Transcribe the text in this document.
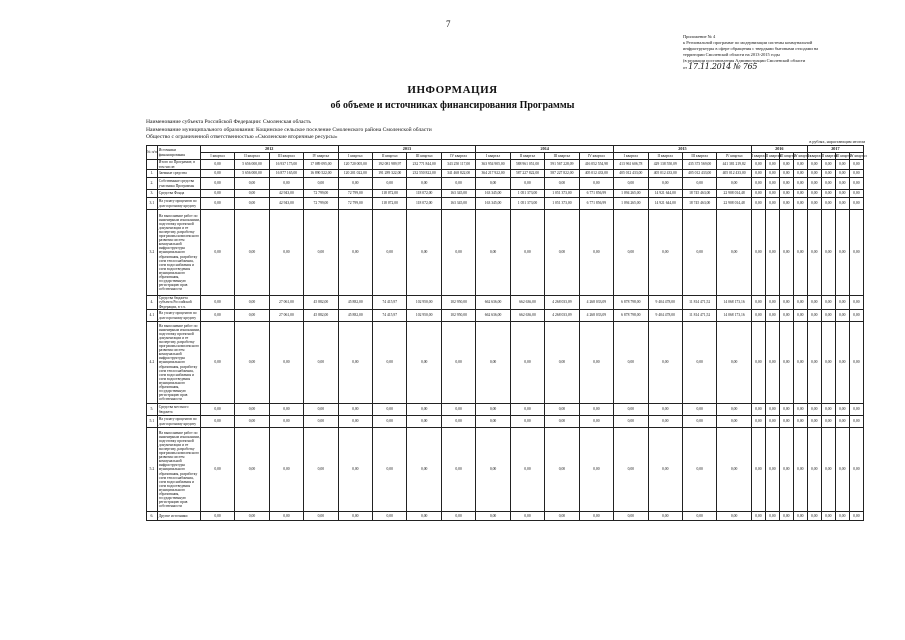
7
Приложение № 4
к Региональной программе по модернизации системы коммунальной
инфраструктуры в сфере обращения с твердыми бытовыми отходами на
территории Смоленской области на 2013-2015 годы
(в редакции постановления Администрации Смоленской области
от 17.11.2014 № 765
ИНФОРМАЦИЯ
об объеме и источниках финансирования Программы
Наименование субъекта Российской Федерации: Смоленская область
Наименование муниципального образования: Кощинское сельское поселение Смоленского района Смоленской области
Общество с ограниченной ответственностью «Смоленские вторичные ресурсы»
в рублях, нарастающим итогом
№ п/п	Источники финансирования	2012				2013				2014				2015				2016				2017			
		I квартал	II квартал	III квартал	IV квартал	I квартал	II квартал	III квартал	IV квартал	I квартал	II квартал	III квартал	IV квартал	I квартал	II квартал	III квартал	IV квартал	I квартал	II квартал	III квартал	IV квартал	I квартал	II квартал	III квартал	IV квартал
	Итого по Программе, в том числе:	0,00	5 656 000,00	16 937 175,00	17 089 095,00	120 720 005,00	192 081 989,97	232 771 844,00	343 250 117,00	363 954 905,00	588 961 051,00	591 567 228,09	416 052 554,98	413 961 606,78	429 138 550,09	435 373 569,00	441 381 219,82	0,00	0,00	0,00	0,00	0,00	0,00	0,00	0,00
1.	Заемные средства	0,00	5 656 000,00	16 877 165,00	16 890 522,00	120 201 022,00	191 289 322,00	232 550 822,00	341 468 822,00	364 217 922,00	587 227 822,00	587 227 822,00	405 012 433,00	405 012 433,00	405 012 433,00	405 012 433,00	405 012 433,00	0,00	0,00	0,00	0,00	0,00	0,00	0,00	0,00
2.	Собственные средства участника Программы	0,00	0,00	0,00	0,00	0,00	0,00	0,00	0,00	0,00	0,00	0,00	0,00	0,00	0,00	0,00	0,00	0,00	0,00	0,00	0,00	0,00	0,00	0,00	0,00
3.	Средства Фонда	0,00	0,00	42 943,00	72 799,00	72 799,00	118 072,00	118 072,00	163 345,00	163 345,00	1 051 373,00	1 051 373,00	6 771 856,99	1 094 265,00	14 921 644,00	18 745 463,00	22 908 014,48	0,00	0,00	0,00	0,00	0,00	0,00	0,00	0,00
3.1	На уплату процентов по долгосрочному кредиту	0,00	0,00	42 943,00	72 799,00	72 799,00	118 072,00	118 072,00	163 345,00	163 345,00	1 051 373,00	1 051 373,00	6 771 856,99	1 094 265,00	14 921 644,00	18 745 463,00	22 908 014,48	0,00	0,00	0,00	0,00	0,00	0,00	0,00	0,00
3.2	На выполнение работ по инженерным изысканиям, подготовку проектной документации и ее экспертизу, разработку программы комплексного развития систем коммунальной инфраструктуры муниципального образования, разработку схем теплоснабжения, схем водоснабжения и схем водоотведения муниципального образования, государственную регистрацию прав собственности	0,00	0,00	0,00	0,00	0,00	0,00	0,00	0,00	0,00	0,00	0,00	0,00	0,00	0,00	0,00	0,00	0,00	0,00	0,00	0,00	0,00	0,00	0,00	0,00
4.	Средства бюджета субъекта Российской Федерации, в т.ч.	0,00	0,00	27 061,00	45 882,00	45 882,00	74 415,97	102 950,00	102 950,00	662 636,00	662 636,00	4 268 033,09	4 268 033,09	6 878 798,00	9 404 478,00	11 814 471,52	14 068 173,16	0,00	0,00	0,00	0,00	0,00	0,00	0,00	0,00
4.1	На уплату процентов по долгосрочному кредиту	0,00	0,00	27 061,00	45 882,00	45 882,00	74 415,97	102 950,00	102 950,00	662 636,00	662 636,00	4 268 033,09	4 268 033,09	6 878 798,00	9 404 478,00	11 814 471,52	14 068 173,16	0,00	0,00	0,00	0,00	0,00	0,00	0,00	0,00
4.2	На выполнение работ по инженерным изысканиям, подготовку проектной документации и ее экспертизу, разработку программы комплексного развития систем коммунальной инфраструктуры муниципального образования, разработку схем теплоснабжения, схем водоснабжения и схем водоотведения муниципального образования, государственную регистрацию прав собственности	0,00	0,00	0,00	0,00	0,00	0,00	0,00	0,00	0,00	0,00	0,00	0,00	0,00	0,00	0,00	0,00	0,00	0,00	0,00	0,00	0,00	0,00	0,00	0,00
5.	Средства местного бюджета	0,00	0,00	0,00	0,00	0,00	0,00	0,00	0,00	0,00	0,00	0,00	0,00	0,00	0,00	0,00	0,00	0,00	0,00	0,00	0,00	0,00	0,00	0,00	0,00
5.1	На уплату процентов по долгосрочному кредиту	0,00	0,00	0,00	0,00	0,00	0,00	0,00	0,00	0,00	0,00	0,00	0,00	0,00	0,00	0,00	0,00	0,00	0,00	0,00	0,00	0,00	0,00	0,00	0,00
5.2	На выполнение работ по инженерным изысканиям, подготовку проектной документации и ее экспертизу, разработку программы комплексного развития систем коммунальной инфраструктуры муниципального образования, разработку схем теплоснабжения, схем водоснабжения и схем водоотведения муниципального образования, государственную регистрацию прав собственности	0,00	0,00	0,00	0,00	0,00	0,00	0,00	0,00	0,00	0,00	0,00	0,00	0,00	0,00	0,00	0,00	0,00	0,00	0,00	0,00	0,00	0,00	0,00	0,00
6.	Другие источники	0,00	0,00	0,00	0,00	0,00	0,00	0,00	0,00	0,00	0,00	0,00	0,00	0,00	0,00	0,00	0,00	0,00	0,00	0,00	0,00	0,00	0,00	0,00	0,00
